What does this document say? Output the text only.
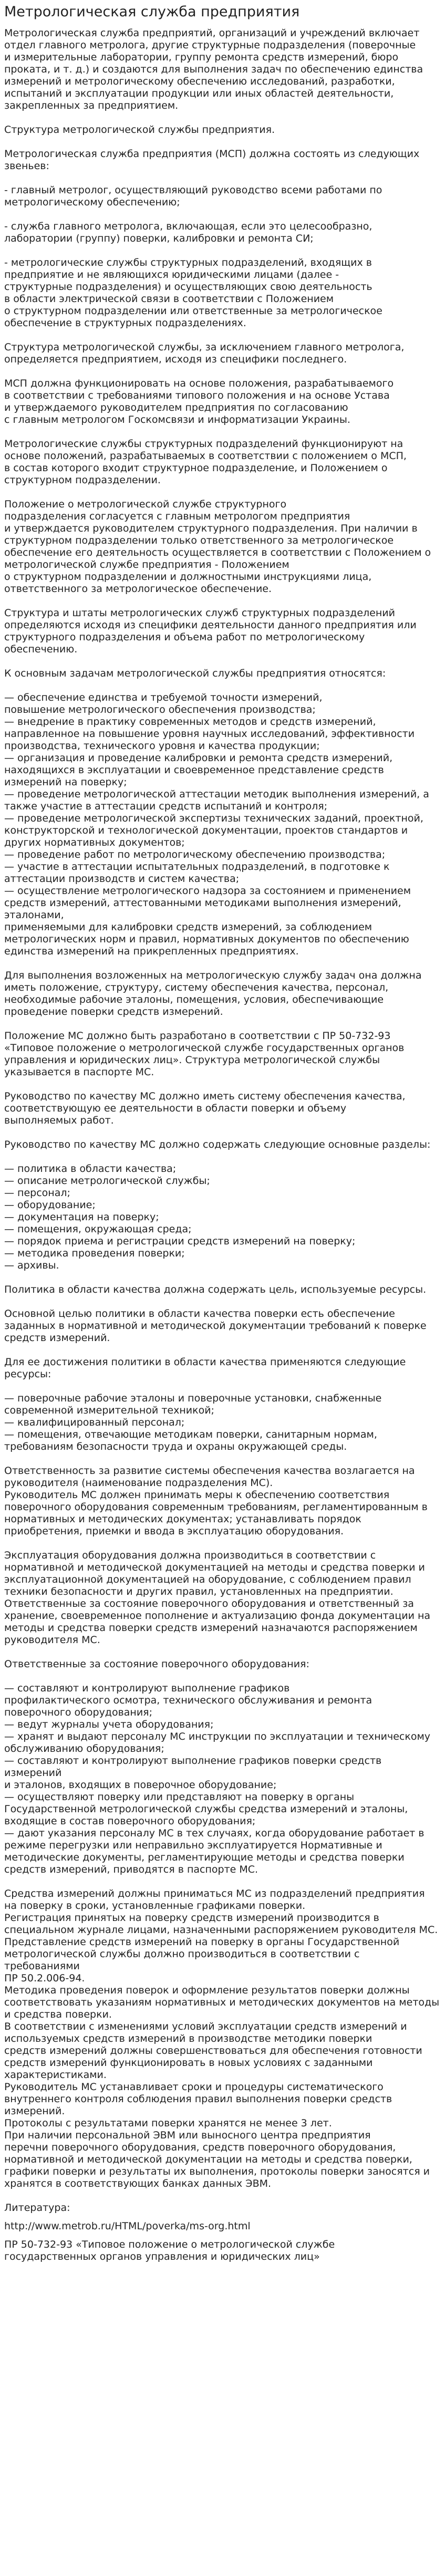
Метрологическая служба предприятия

Метрологическая служба предприятий, организаций и учреждений включает
отдел главного метролога, другие структурные подразделения (поверочные
и измерительные лаборатории, группу ремонта средств измерений, бюро
проката, и т. д.) и создаются для выполнения задач по обеспечению единства
измерений и метрологическому обеспечению исследований, разработки,
испытаний и эксплуатации продукции или иных областей деятельности,
закрепленных за предприятием.

Структура метрологической службы предприятия.

Метрологическая служба предприятия (МСП) должна состоять из следующих
звеньев:

- главный метролог, осуществляющий руководство всеми работами по
метрологическому обеспечению;

- служба главного метролога, включающая, если это целесообразно,
лаборатории (группу) поверки, калибровки и ремонта СИ;

- метрологические службы структурных подразделений, входящих в
предприятие и не являющихся юридическими лицами (далее -
структурные подразделения) и осуществляющих свою деятельность
в области электрической связи в соответствии с Положением
о структурном подразделении или ответственные за метрологическое
обеспечение в структурных подразделениях.

Структура метрологической службы, за исключением главного метролога,
определяется предприятием, исходя из специфики последнего.

МСП должна функционировать на основе положения, разрабатываемого
в соответствии с требованиями типового положения и на основе Устава
и утверждаемого руководителем предприятия по согласованию
с главным метрологом Госкомсвязи и информатизации Украины.

Метрологические службы структурных подразделений функционируют на
основе положений, разрабатываемых в соответствии с положением о МСП,
в состав которого входит структурное подразделение, и Положением о
структурном подразделении.

Положение о метрологической службе структурного
подразделения согласуется с главным метрологом предприятия
и утверждается руководителем структурного подразделения. При наличии в
структурном подразделении только ответственного за метрологическое
обеспечение его деятельность осуществляется в соответствии с Положением о
метрологической службе предприятия - Положением
о структурном подразделении и должностными инструкциями лица,
ответственного за метрологическое обеспечение.

Структура и штаты метрологических служб структурных подразделений
определяются исходя из специфики деятельности данного предприятия или
структурного подразделения и объема работ по метрологическому
обеспечению.

К основным задачам метрологической службы предприятия относятся:

— обеспечение единства и требуемой точности измерений,
повышение метрологического обеспечения производства;
— внедрение в практику современных методов и средств измерений,
направленное на повышение уровня научных исследований, эффективности
производства, технического уровня и качества продукции;
— организация и проведение калибровки и ремонта средств измерений,
находящихся в эксплуатации и своевременное представление средств
измерений на поверку;
— проведение метрологической аттестации методик выполнения измерений, а
также участие в аттестации средств испытаний и контроля;
— проведение метрологической экспертизы технических заданий, проектной,
конструкторской и технологической документации, проектов стандартов и
других нормативных документов;
— проведение работ по метрологическому обеспечению производства;
— участие в аттестации испытательных подразделений, в подготовке к
аттестации производств и систем качества;
— осуществление метрологического надзора за состоянием и применением
средств измерений, аттестованными методиками выполнения измерений,
эталонами,
применяемыми для калибровки средств измерений, за соблюдением
метрологических норм и правил, нормативных документов по обеспечению
единства измерений на прикрепленных предприятиях.

Для выполнения возложенных на метрологическую службу задач она должна
иметь положение, структуру, систему обеспечения качества, персонал,
необходимые рабочие эталоны, помещения, условия, обеспечивающие
проведение поверки средств измерений.

Положение МС должно быть разработано в соответствии с ПР 50-732-93
«Типовое положение о метрологической службе государственных органов
управления и юридических лиц». Структура метрологической службы
указывается в паспорте МС.

Руководство по качеству МС должно иметь систему обеспечения качества,
соответствующую ее деятельности в области поверки и объему
выполняемых работ.

Руководство по качеству МС должно содержать следующие основные разделы:

— политика в области качества;
— описание метрологической службы;
— персонал;
— оборудование;
— документация на поверку;
— помещения, окружающая среда;
— порядок приема и регистрации средств измерений на поверку;
— методика проведения поверки;
— архивы.

Политика в области качества должна содержать цель, используемые ресурсы.

Основной целью политики в области качества поверки есть обеспечение
заданных в нормативной и методической документации требований к поверке
средств измерений.

Для ее достижения политики в области качества применяются следующие
ресурсы:

— поверочные рабочие эталоны и поверочные установки, снабженные
современной измерительной техникой;
— квалифицированный персонал;
— помещения, отвечающие методикам поверки, санитарным нормам,
требованиям безопасности труда и охраны окружающей среды.

Ответственность за развитие системы обеспечения качества возлагается на
руководителя (наименование подразделения МС).
Руководитель МС должен принимать меры к обеспечению соответствия
поверочного оборудования современным требованиям, регламентированным в
нормативных и методических документах; устанавливать порядок
приобретения, приемки и ввода в эксплуатацию оборудования.

Эксплуатация оборудования должна производиться в соответствии с
нормативной и методической документацией на методы и средства поверки и
эксплуатационной документацией на оборудование, с соблюдением правил
техники безопасности и других правил, установленных на предприятии.
Ответственные за состояние поверочного оборудования и ответственный за
хранение, своевременное пополнение и актуализацию фонда документации на
методы и средства поверки средств измерений назначаются распоряжением
руководителя МС.

Ответственные за состояние поверочного оборудования:

— составляют и контролируют выполнение графиков
профилактического осмотра, технического обслуживания и ремонта
поверочного оборудования;
— ведут журналы учета оборудования;
— хранят и выдают персоналу МС инструкции по эксплуатации и техническому
обслуживанию оборудования;
— составляют и контролируют выполнение графиков поверки средств измерений
и эталонов, входящих в поверочное оборудование;
— осуществляют поверку или представляют на поверку в органы
Государственной метрологической службы средства измерений и эталоны,
входящие в состав поверочного оборудования;
— дают указания персоналу МС в тех случаях, когда оборудование работает в
режиме перегрузки или неправильно эксплуатируется Нормативные и
методические документы, регламентирующие методы и средства поверки
средств измерений, приводятся в паспорте МС.

Средства измерений должны приниматься МС из подразделений предприятия
на поверку в сроки, установленные графиками поверки.
Регистрация принятых на поверку средств измерений производится в
специальном журнале лицами, назначенными распоряжением руководителя МС.
Представление средств измерений на поверку в органы Государственной
метрологической службы должно производиться в соответствии с
требованиями
ПР 50.2.006-94.
Методика проведения поверок и оформление результатов поверки должны
соответствовать указаниям нормативных и методических документов на методы
и средства поверки.
В соответствии с изменениями условий эксплуатации средств измерений и
используемых средств измерений в производстве методики поверки
средств измерений должны совершенствоваться для обеспечения готовности
средств измерений функционировать в новых условиях с заданными
характеристиками.
Руководитель МС устанавливает сроки и процедуры систематического
внутреннего контроля соблюдения правил выполнения поверки средств
измерений.
Протоколы с результатами поверки хранятся не менее 3 лет.
При наличии персональной ЭВМ или выносного центра предприятия
перечни поверочного оборудования, средств поверочного оборудования,
нормативной и методической документации на методы и средства поверки,
графики поверки и результаты их выполнения, протоколы поверки заносятся и
хранятся в соответствующих банках данных ЭВМ.

Литература:

http://www.metrob.ru/HTML/poverka/ms-org.html

ПР 50-732-93 «Типовое положение о метрологической службе
государственных органов управления и юридических лиц»
